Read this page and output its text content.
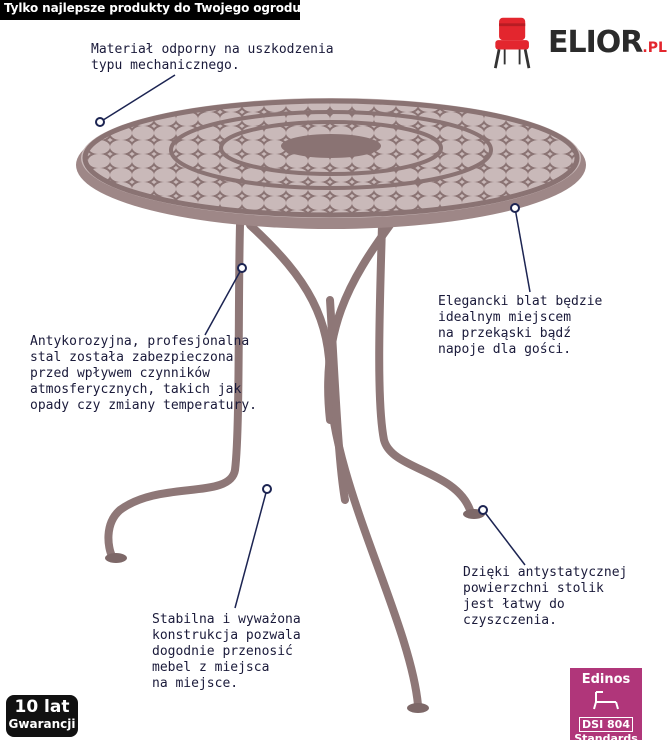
Tylko najlepsze produkty do Twojego ogrodu.
ELIOR.PL
Materiał odporny na uszkodzenia
typu mechanicznego.
Elegancki blat będzie
idealnym miejscem
na przekąski bądź
napoje dla gości.
Antykorozyjna, profesjonalna
stal została zabezpieczona
przed wpływem czynników
atmosferycznych, takich jak
opady czy zmiany temperatury.
Dzięki antystatycznej
powierzchni stolik
jest łatwy do
czyszczenia.
Stabilna i wyważona
konstrukcja pozwala
dogodnie przenosić
mebel z miejsca
na miejsce.
10 lat
Gwarancji
Edinos
DSI 804
Standards
